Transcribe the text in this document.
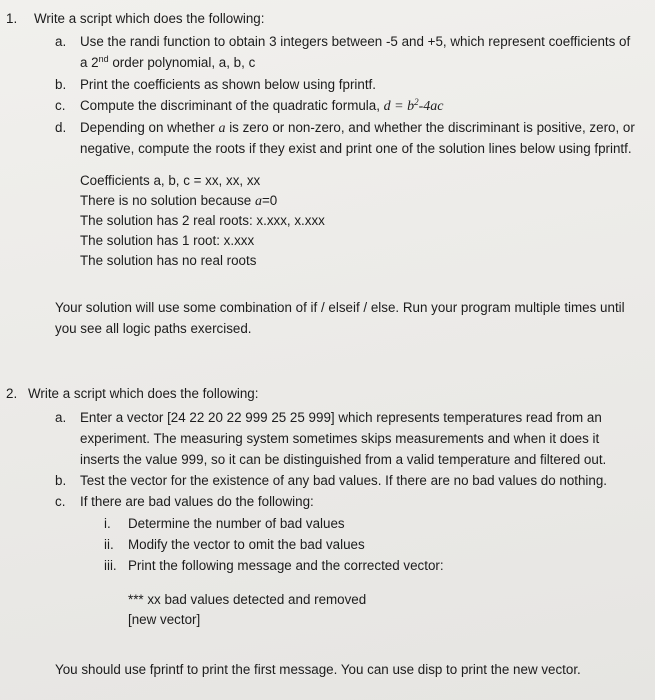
1. Write a script which does the following:
a. Use the randi function to obtain 3 integers between -5 and +5, which represent coefficients of
a 2nd order polynomial, a, b, c
b. Print the coefficients as shown below using fprintf.
c. Compute the discriminant of the quadratic formula, $d = b^2-4ac$
d. Depending on whether a is zero or non-zero, and whether the discriminant is positive, zero, or
negative, compute the roots if they exist and print one of the solution lines below using fprintf.
Coefficients a, b, c = xx, xx, xx
There is no solution because a=0
The solution has 2 real roots: x.xxx, x.xxx
The solution has 1 root: x.xxx
The solution has no real roots
Your solution will use some combination of if / elseif / else. Run your program multiple times until
you see all logic paths exercised.
2. Write a script which does the following:
a. Enter a vector [24 22 20 22 999 25 25 999] which represents temperatures read from an
experiment. The measuring system sometimes skips measurements and when it does it
inserts the value 999, so it can be distinguished from a valid temperature and filtered out.
b. Test the vector for the existence of any bad values. If there are no bad values do nothing.
c. If there are bad values do the following:
i. Determine the number of bad values
ii. Modify the vector to omit the bad values
iii. Print the following message and the corrected vector:
*** xx bad values detected and removed
[new vector]
You should use fprintf to print the first message. You can use disp to print the new vector.
